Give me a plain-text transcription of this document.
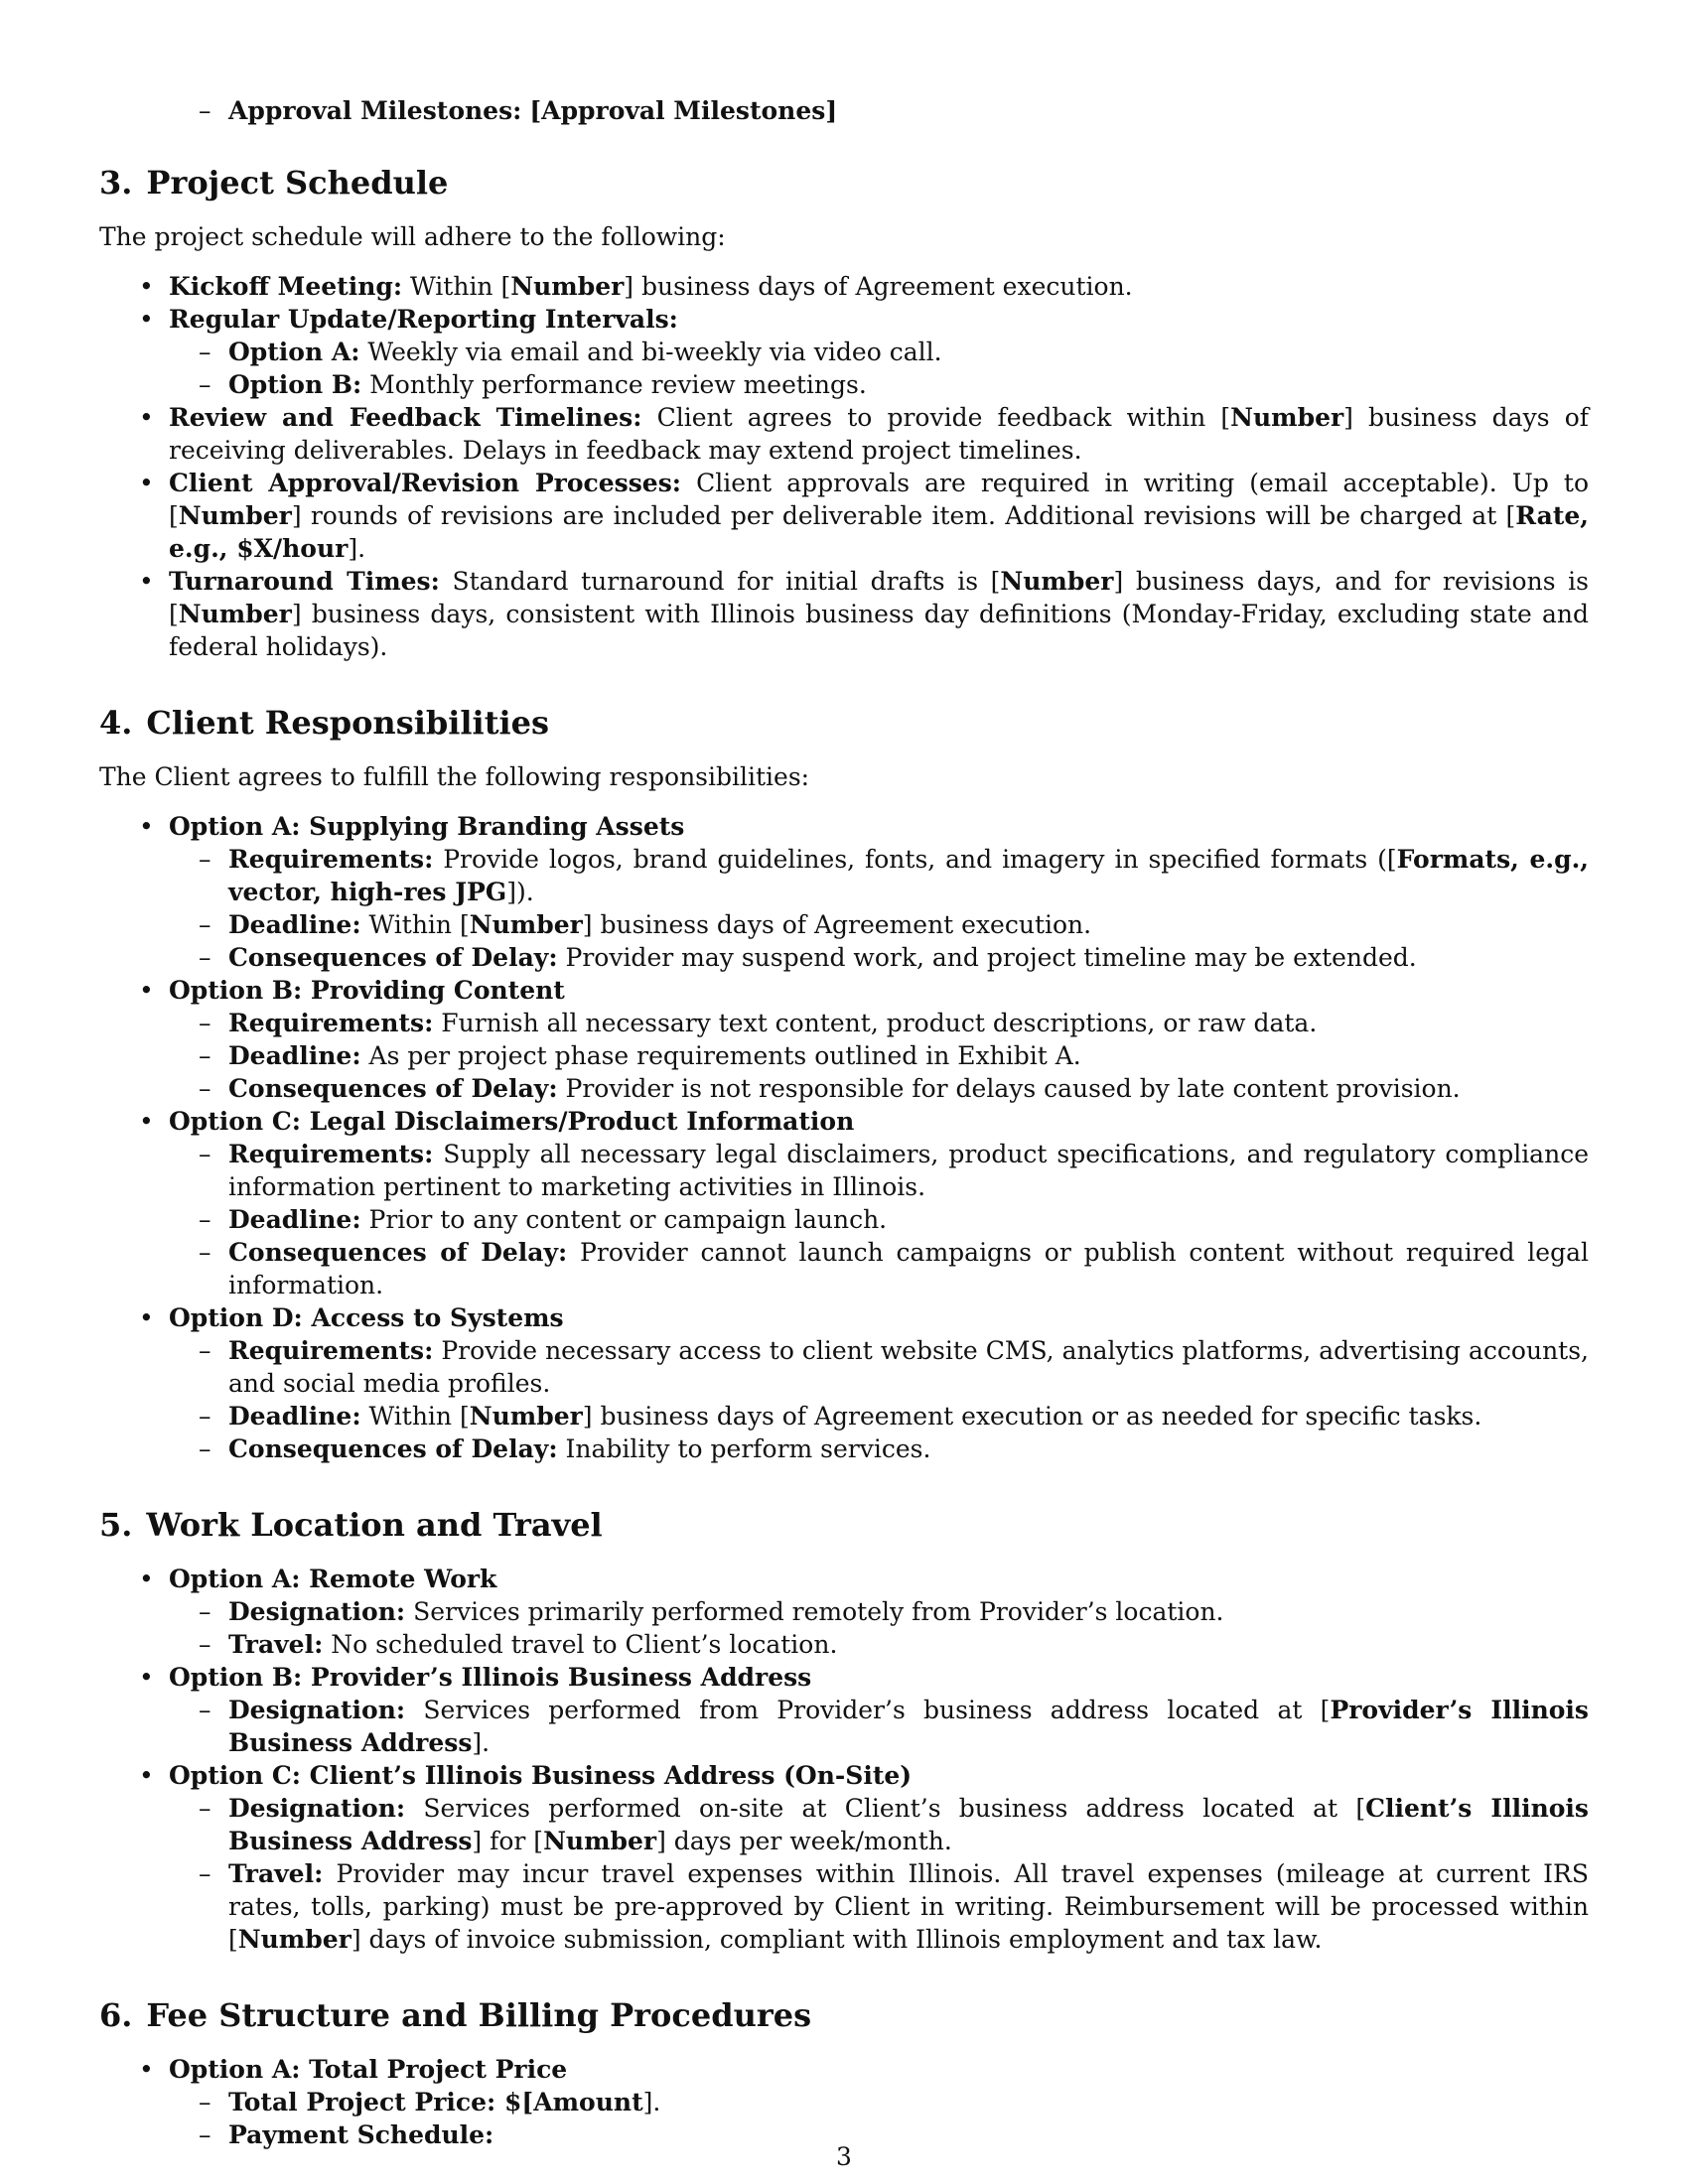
– Approval Milestones: [Approval Milestones]
3. Project Schedule

The project schedule will adhere to the following:

• Kickoff Meeting: Within [Number] business days of Agreement execution.
• Regular Update/Reporting Intervals:
– Option A: Weekly via email and bi-weekly via video call.
– Option B: Monthly performance review meetings.
• Review and Feedback Timelines: Client agrees to provide feedback within [Number] business days of receiving deliverables. Delays in feedback may extend project timelines.
• Client Approval/Revision Processes: Client approvals are required in writing (email acceptable). Up to [Number] rounds of revisions are included per deliverable item. Additional revisions will be charged at [Rate, e.g., $X/hour].
• Turnaround Times: Standard turnaround for initial drafts is [Number] business days, and for revisions is [Number] business days, consistent with Illinois business day definitions (Monday-Friday, excluding state and federal holidays).
4. Client Responsibilities

The Client agrees to fulfill the following responsibilities:

• Option A: Supplying Branding Assets
– Requirements: Provide logos, brand guidelines, fonts, and imagery in specified formats ([Formats, e.g., vector, high-res JPG]).
– Deadline: Within [Number] business days of Agreement execution.
– Consequences of Delay: Provider may suspend work, and project timeline may be extended.
• Option B: Providing Content
– Requirements: Furnish all necessary text content, product descriptions, or raw data.
– Deadline: As per project phase requirements outlined in Exhibit A.
– Consequences of Delay: Provider is not responsible for delays caused by late content provision.
• Option C: Legal Disclaimers/Product Information
– Requirements: Supply all necessary legal disclaimers, product specifications, and regulatory compliance information pertinent to marketing activities in Illinois.
– Deadline: Prior to any content or campaign launch.
– Consequences of Delay: Provider cannot launch campaigns or publish content without required legal information.
• Option D: Access to Systems
– Requirements: Provide necessary access to client website CMS, analytics platforms, advertising accounts, and social media profiles.
– Deadline: Within [Number] business days of Agreement execution or as needed for specific tasks.
– Consequences of Delay: Inability to perform services.
5. Work Location and Travel
• Option A: Remote Work
– Designation: Services primarily performed remotely from Provider’s location.
– Travel: No scheduled travel to Client’s location.
• Option B: Provider’s Illinois Business Address
– Designation: Services performed from Provider’s business address located at [Provider’s Illinois Business Address].
• Option C: Client’s Illinois Business Address (On-Site)
– Designation: Services performed on-site at Client’s business address located at [Client’s Illinois Business Address] for [Number] days per week/month.
– Travel: Provider may incur travel expenses within Illinois. All travel expenses (mileage at current IRS rates, tolls, parking) must be pre-approved by Client in writing. Reimbursement will be processed within [Number] days of invoice submission, compliant with Illinois employment and tax law.
6. Fee Structure and Billing Procedures
• Option A: Total Project Price
– Total Project Price: $[Amount].
– Payment Schedule:
3
